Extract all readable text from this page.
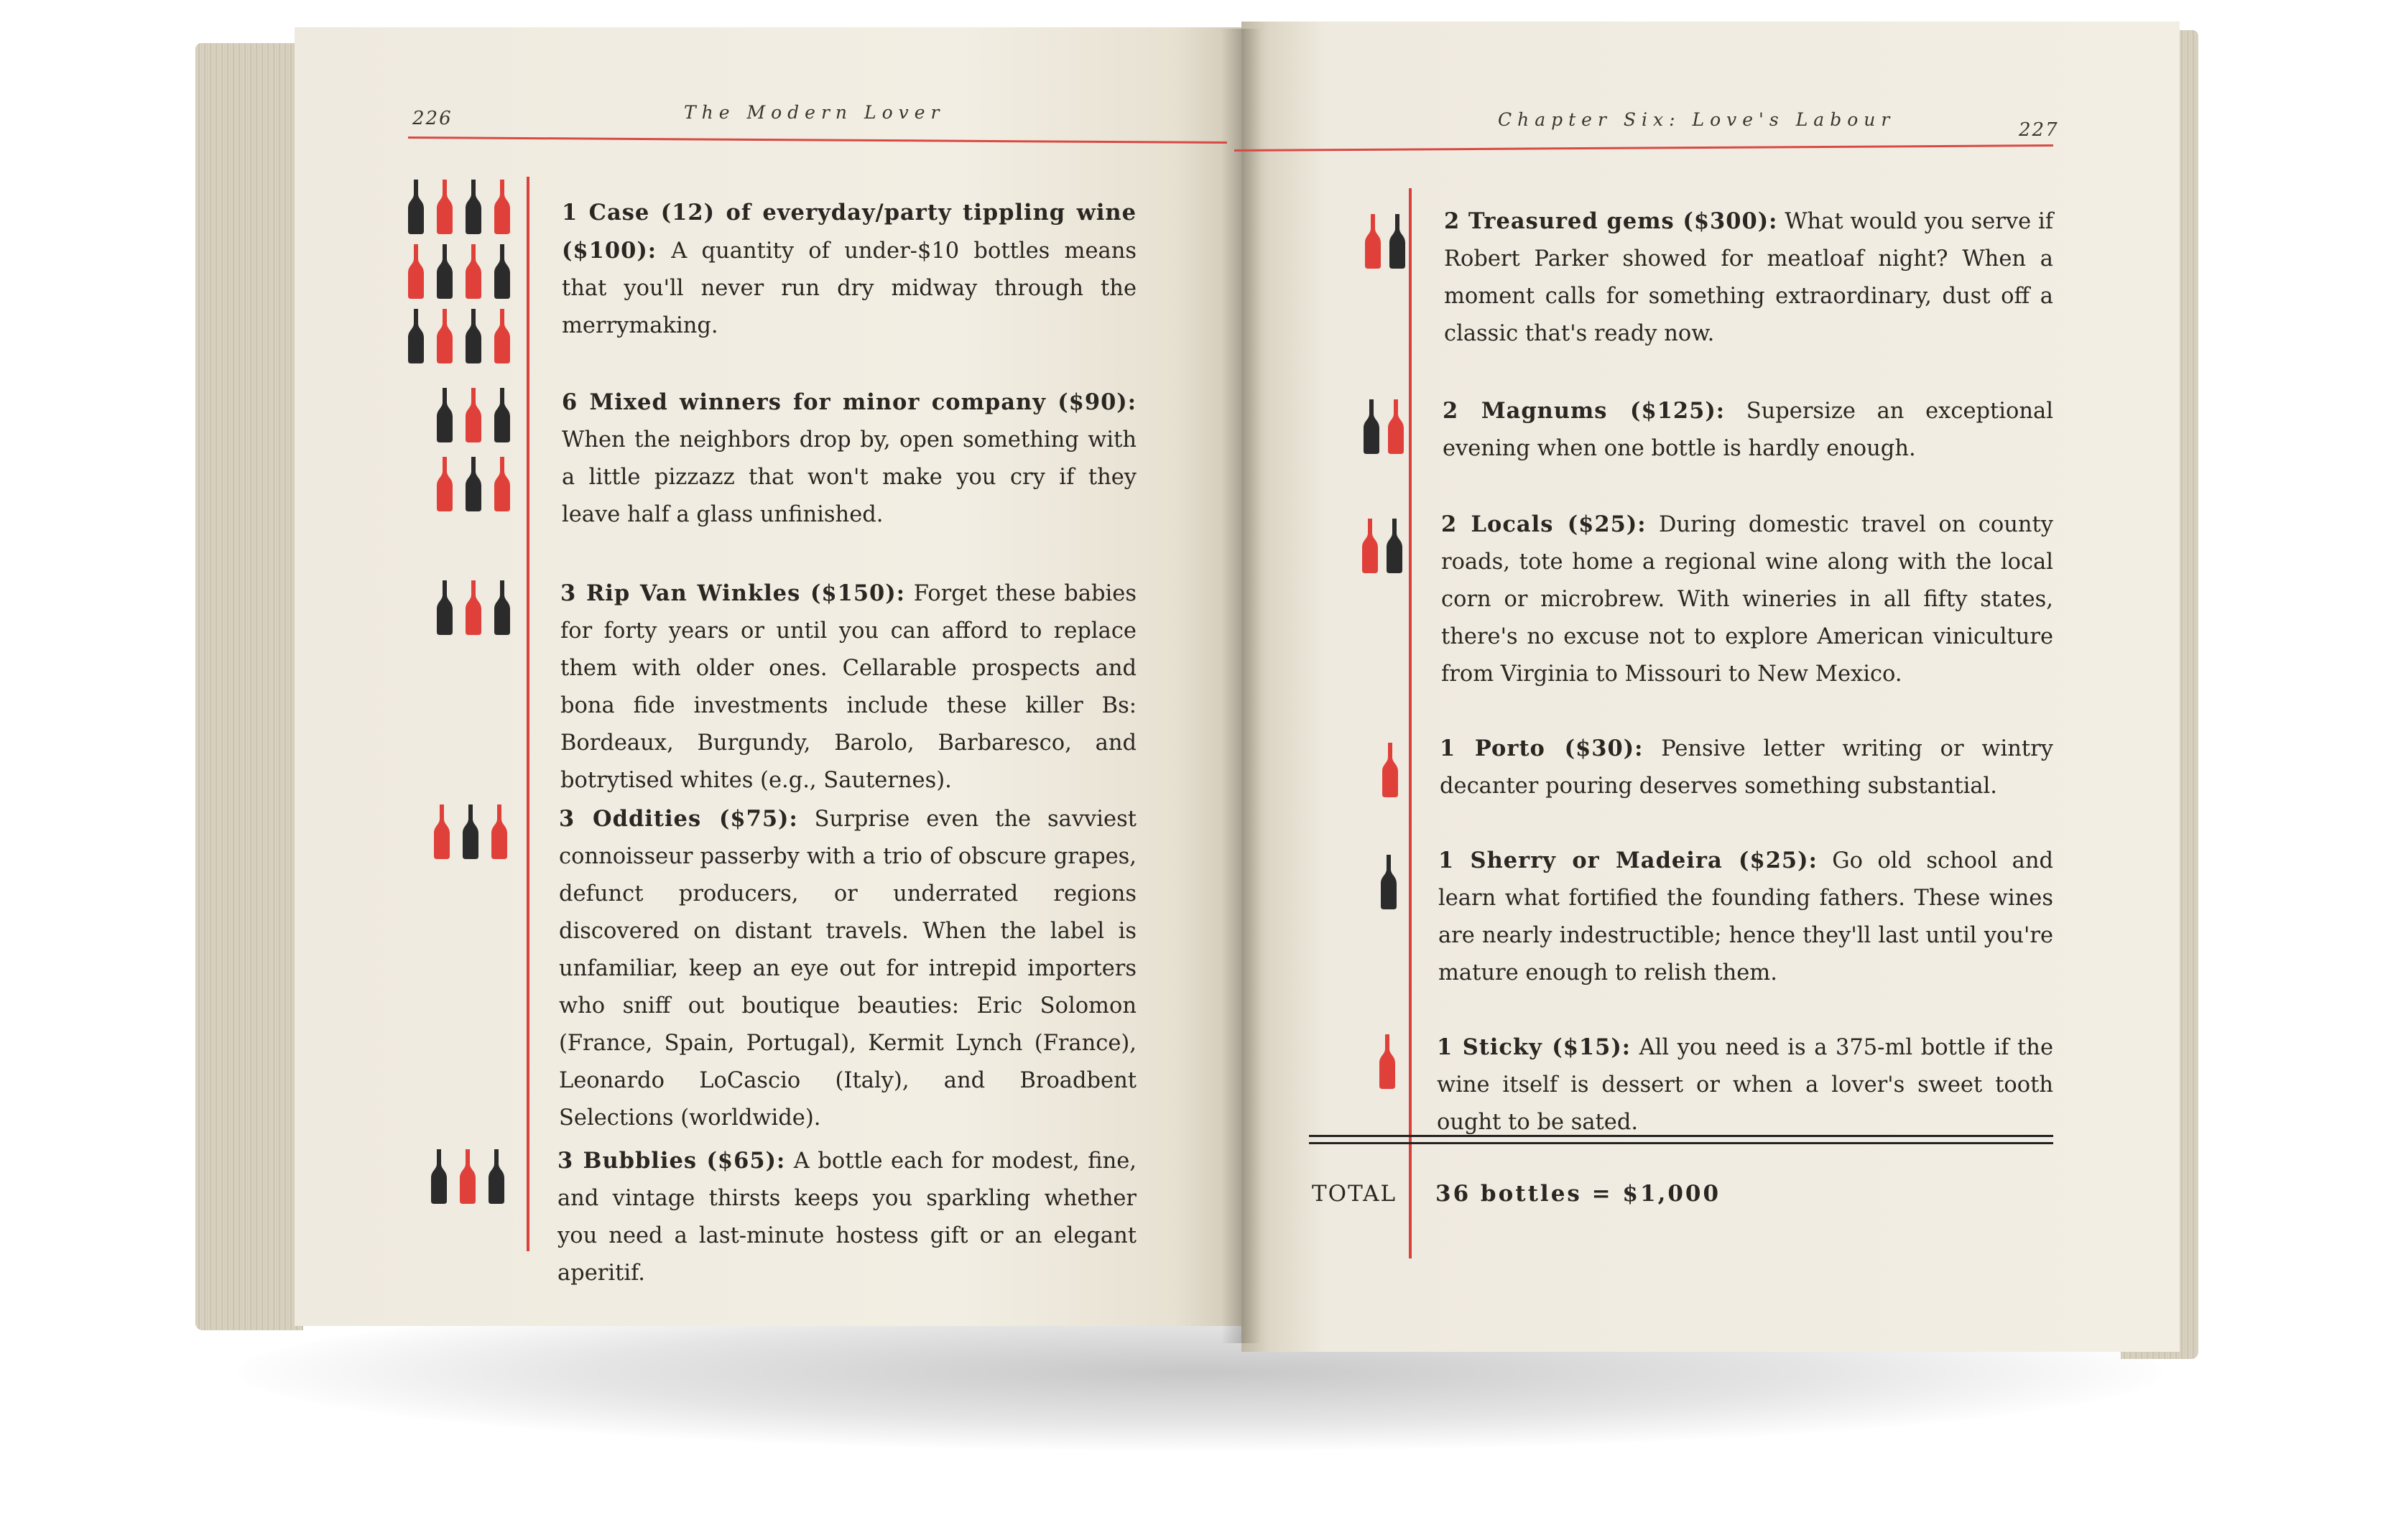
226	The Modern Lover	Chapter Six: Love's Labour	227
1 Case (12) of everyday/party tippling wine ($100): A quantity of under-$10 bottles means that you'll never run dry midway through the merrymaking.
6 Mixed winners for minor company ($90): When the neighbors drop by, open something with a little pizzazz that won't make you cry if they leave half a glass unfinished.
3 Rip Van Winkles ($150): Forget these babies for forty years or until you can afford to replace them with older ones. Cellarable prospects and bona fide investments include these killer Bs: Bordeaux, Burgundy, Barolo, Barbaresco, and botrytised whites (e.g., Sauternes).
3 Oddities ($75): Surprise even the savviest connoisseur passerby with a trio of obscure grapes, defunct producers, or underrated regions discovered on distant travels. When the label is unfamiliar, keep an eye out for intrepid importers who sniff out boutique beauties: Eric Solomon (France, Spain, Portugal), Kermit Lynch (France), Leonardo LoCascio (Italy), and Broadbent Selections (worldwide).
3 Bubblies ($65): A bottle each for modest, fine, and vintage thirsts keeps you sparkling whether you need a last-minute hostess gift or an elegant aperitif.
2 Treasured gems ($300): What would you serve if Robert Parker showed for meatloaf night? When a moment calls for something extraordinary, dust off a classic that's ready now.
2 Magnums ($125): Supersize an exceptional evening when one bottle is hardly enough.
2 Locals ($25): During domestic travel on county roads, tote home a regional wine along with the local corn or microbrew. With wineries in all fifty states, there's no excuse not to explore American viniculture from Virginia to Missouri to New Mexico.
1 Porto ($30): Pensive letter writing or wintry decanter pouring deserves something substantial.
1 Sherry or Madeira ($25): Go old school and learn what fortified the founding fathers. These wines are nearly indestructible; hence they'll last until you're mature enough to relish them.
1 Sticky ($15): All you need is a 375-ml bottle if the wine itself is dessert or when a lover's sweet tooth ought to be sated.
TOTAL 36 bottles = $1,000
